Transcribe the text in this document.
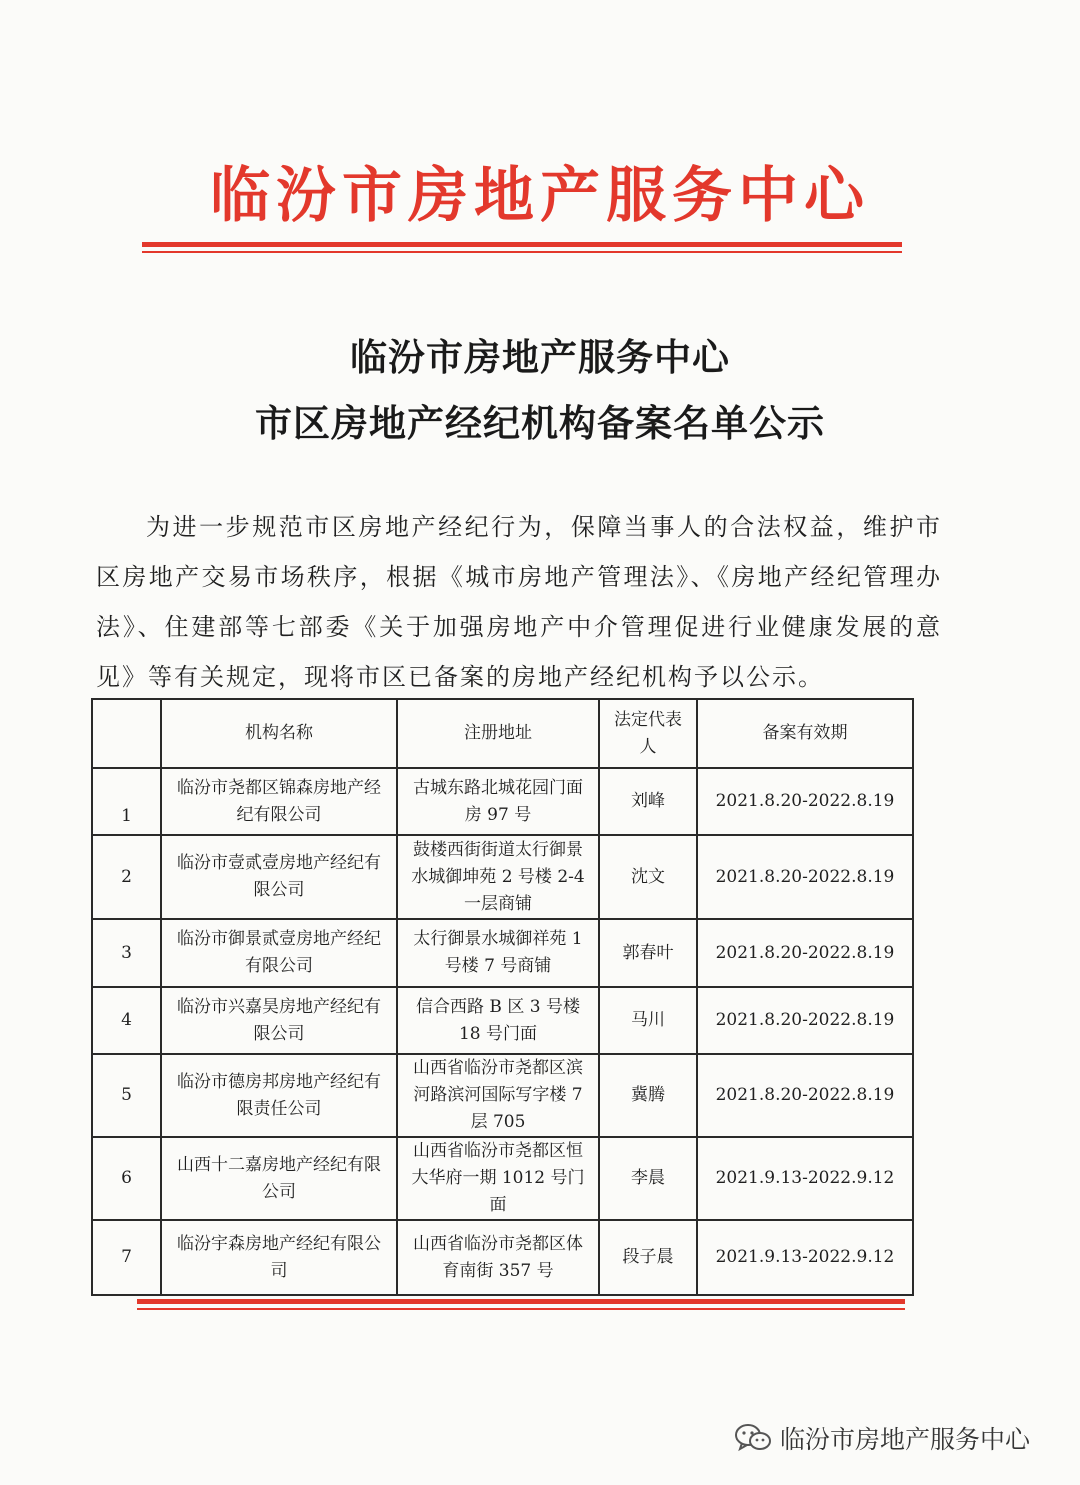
临汾市房地产服务中心
临汾市房地产服务中心
市区房地产经纪机构备案名单公示
为进一步规范市区房地产经纪行为，保障当事人的合法权益，维护市区房地产交易市场秩序，根据《城市房地产管理法》、《房地产经纪管理办法》、住建部等七部委《关于加强房地产中介管理促进行业健康发展的意见》等有关规定，现将市区已备案的房地产经纪机构予以公示。
	机构名称	注册地址	法定代表人	备案有效期
1	临汾市尧都区锦森房地产经纪有限公司	古城东路北城花园门面房 97 号	刘峰	2021.8.20-2022.8.19
2	临汾市壹贰壹房地产经纪有限公司	鼓楼西街街道太行御景水城御坤苑 2 号楼 2-4 一层商铺	沈文	2021.8.20-2022.8.19
3	临汾市御景贰壹房地产经纪有限公司	太行御景水城御祥苑 1 号楼 7 号商铺	郭春叶	2021.8.20-2022.8.19
4	临汾市兴嘉昊房地产经纪有限公司	信合西路 B 区 3 号楼 18 号门面	马川	2021.8.20-2022.8.19
5	临汾市德房邦房地产经纪有限责任公司	山西省临汾市尧都区滨河路滨河国际写字楼 7 层 705	冀腾	2021.8.20-2022.8.19
6	山西十二嘉房地产经纪有限公司	山西省临汾市尧都区恒大华府一期 1012 号门面	李晨	2021.9.13-2022.9.12
7	临汾宇森房地产经纪有限公司	山西省临汾市尧都区体育南街 357 号	段子晨	2021.9.13-2022.9.12
临汾市房地产服务中心
